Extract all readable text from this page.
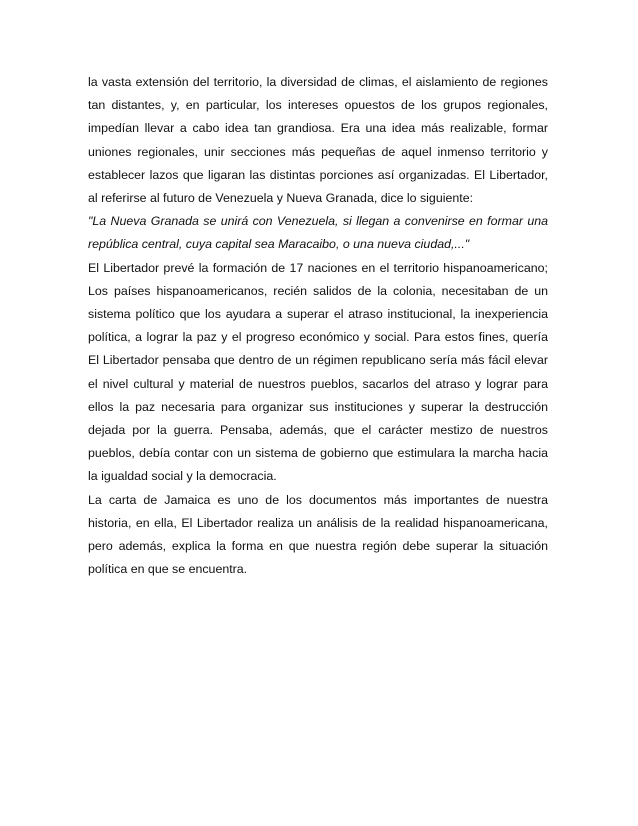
la vasta extensión del territorio, la diversidad de climas, el aislamiento de regiones tan distantes, y, en particular, los intereses opuestos de los grupos regionales, impedían llevar a cabo idea tan grandiosa. Era una idea más realizable, formar uniones regionales, unir secciones más pequeñas de aquel inmenso territorio y establecer lazos que ligaran las distintas porciones así organizadas. El Libertador, al referirse al futuro de Venezuela y Nueva Granada, dice lo siguiente:

"La Nueva Granada se unirá con Venezuela, si llegan a convenirse en formar una república central, cuya capital sea Maracaibo, o una nueva ciudad,..."

El Libertador prevé la formación de 17 naciones en el territorio hispanoamericano; Los países hispanoamericanos, recién salidos de la colonia, necesitaban de un sistema político que los ayudara a superar el atraso institucional, la inexperiencia política, a lograr la paz y el progreso económico y social. Para estos fines, quería El Libertador pensaba que dentro de un régimen republicano sería más fácil elevar el nivel cultural y material de nuestros pueblos, sacarlos del atraso y lograr para ellos la paz necesaria para organizar sus instituciones y superar la destrucción dejada por la guerra. Pensaba, además, que el carácter mestizo de nuestros pueblos, debía contar con un sistema de gobierno que estimulara la marcha hacia la igualdad social y la democracia.

La carta de Jamaica es uno de los documentos más importantes de nuestra historia, en ella, El Libertador realiza un análisis de la realidad hispanoamericana, pero además, explica la forma en que nuestra región debe superar la situación política en que se encuentra.
